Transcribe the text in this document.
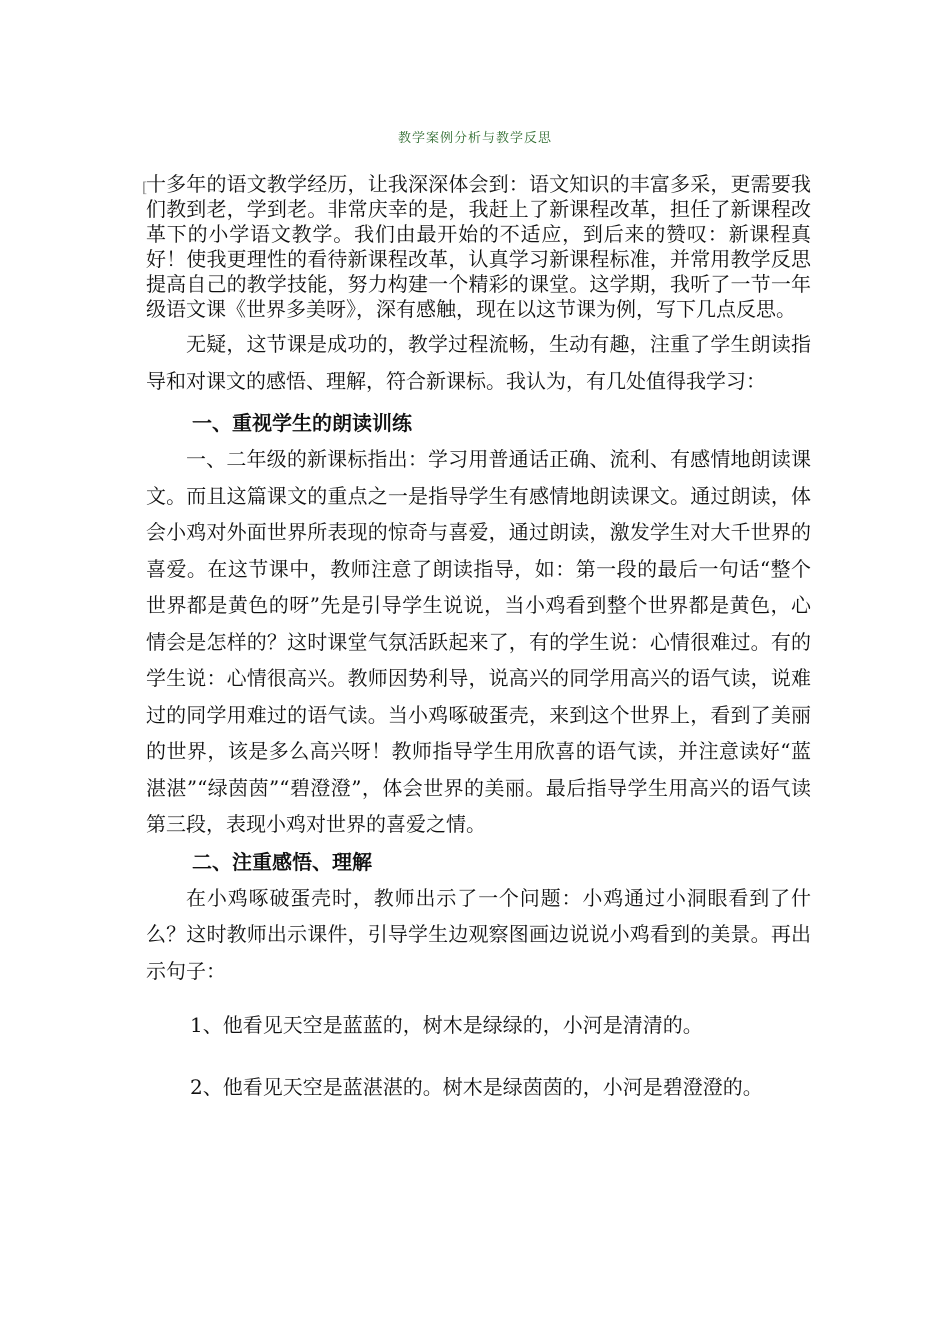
教学案例分析与教学反思

[
十多年的语文教学经历，让我深深体会到：语文知识的丰富多采，更需要我们教到老，学到老。非常庆幸的是，我赶上了新课程改革，担任了新课程改革下的小学语文教学。我们由最开始的不适应，到后来的赞叹：新课程真好！使我更理性的看待新课程改革，认真学习新课程标准，并常用教学反思提高自己的教学技能，努力构建一个精彩的课堂。这学期，我听了一节一年级语文课《世界多美呀》，深有感触，现在以这节课为例，写下几点反思。

无疑，这节课是成功的，教学过程流畅，生动有趣，注重了学生朗读指导和对课文的感悟、理解，符合新课标。我认为，有几处值得我学习：

一、重视学生的朗读训练

一、二年级的新课标指出：学习用普通话正确、流利、有感情地朗读课文。而且这篇课文的重点之一是指导学生有感情地朗读课文。通过朗读，体会小鸡对外面世界所表现的惊奇与喜爱，通过朗读，激发学生对大千世界的喜爱。在这节课中，教师注意了朗读指导，如：第一段的最后一句话“整个世界都是黄色的呀”先是引导学生说说，当小鸡看到整个世界都是黄色，心情会是怎样的？这时课堂气氛活跃起来了，有的学生说：心情很难过。有的学生说：心情很高兴。教师因势利导，说高兴的同学用高兴的语气读，说难过的同学用难过的语气读。当小鸡啄破蛋壳，来到这个世界上，看到了美丽的世界，该是多么高兴呀！教师指导学生用欣喜的语气读，并注意读好“蓝湛湛”“绿茵茵”“碧澄澄”，体会世界的美丽。最后指导学生用高兴的语气读第三段，表现小鸡对世界的喜爱之情。

二、注重感悟、理解

在小鸡啄破蛋壳时，教师出示了一个问题：小鸡通过小洞眼看到了什么？这时教师出示课件，引导学生边观察图画边说说小鸡看到的美景。再出示句子：

1、他看见天空是蓝蓝的，树木是绿绿的，小河是清清的。

2、他看见天空是蓝湛湛的。树木是绿茵茵的，小河是碧澄澄的。
